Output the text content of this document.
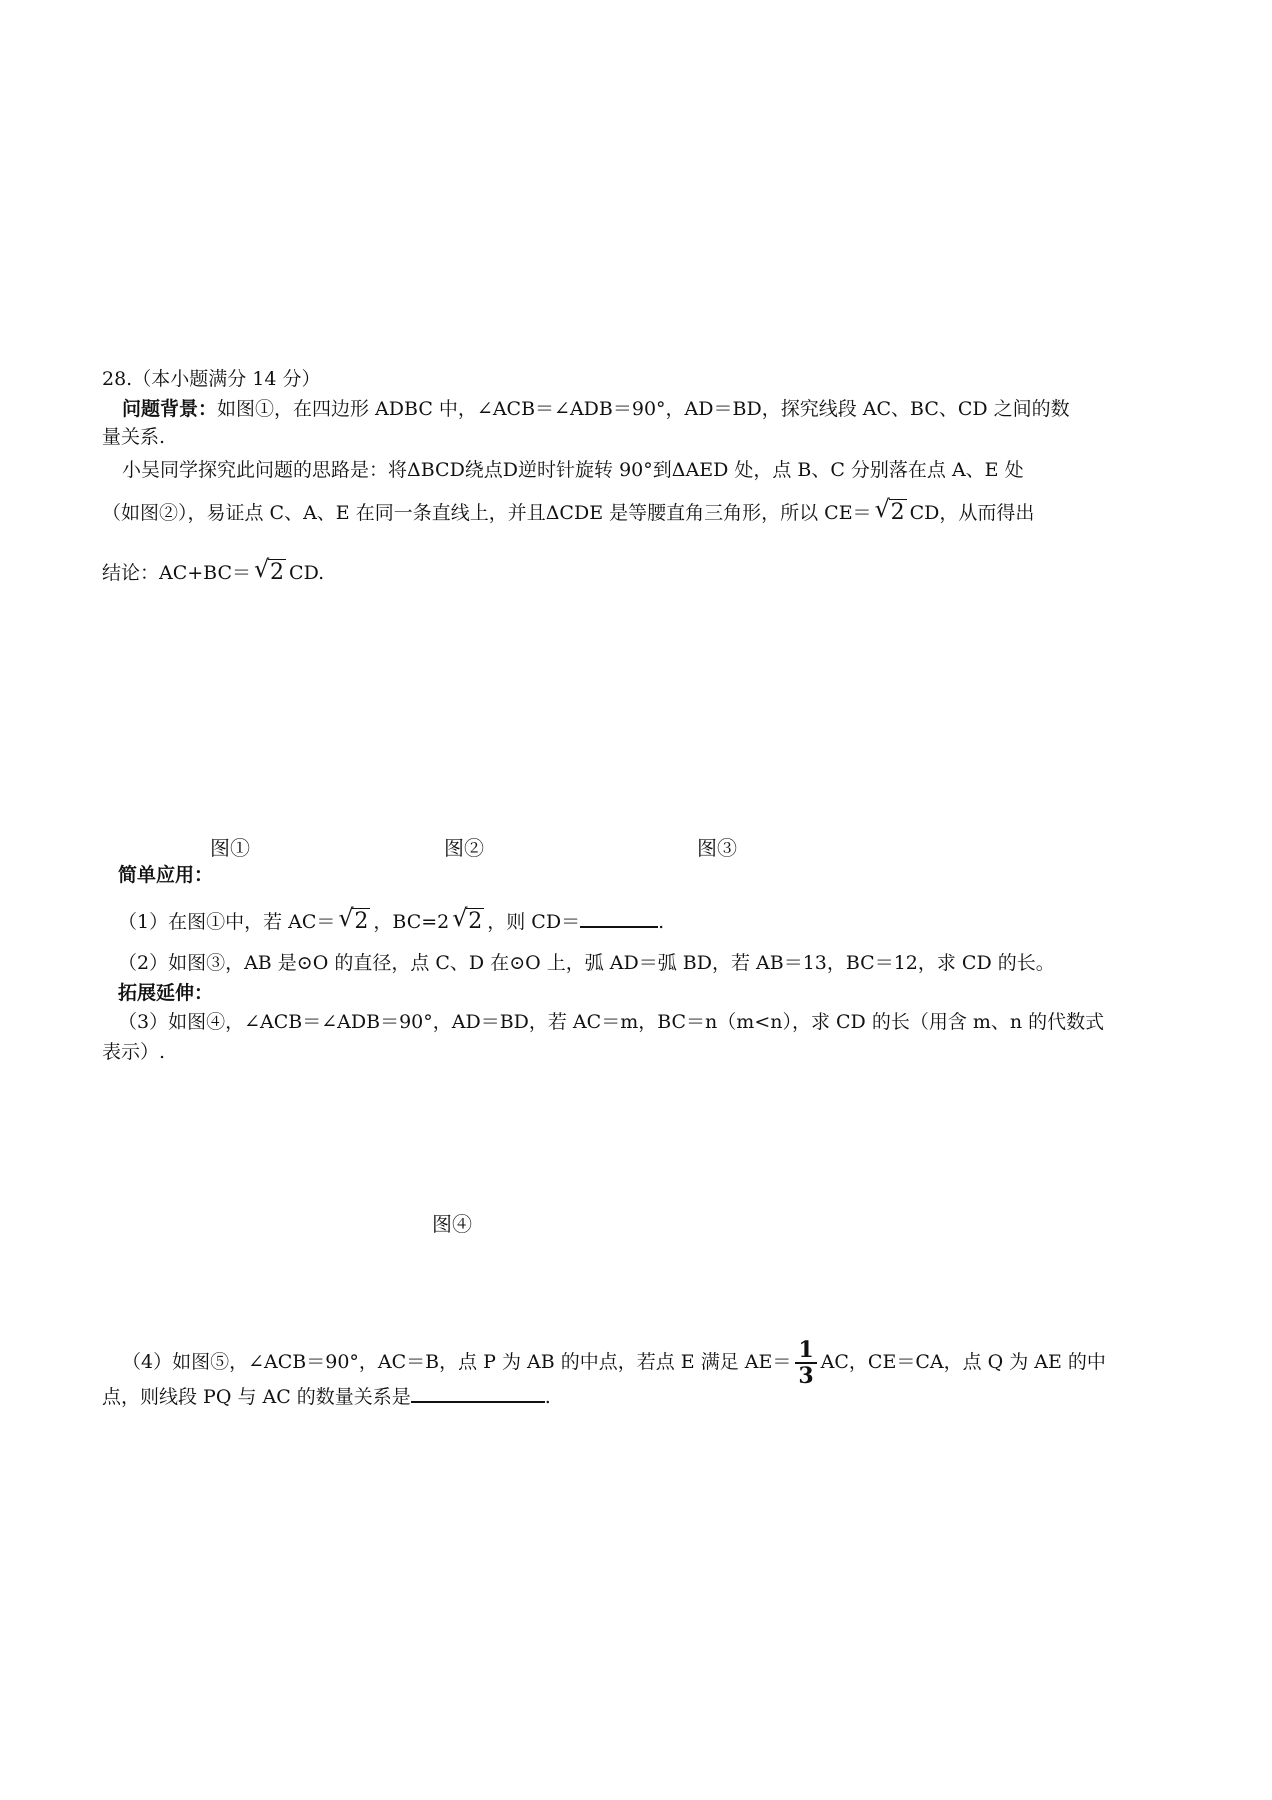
28.（本小题满分 14 分）
问题背景：如图①，在四边形 ADBC 中，∠ACB＝∠ADB＝90°，AD＝BD，探究线段 AC、BC、CD 之间的数
量关系.
小吴同学探究此问题的思路是：将ΔBCD绕点D逆时针旋转 90°到ΔAED 处，点 B、C 分别落在点 A、E 处
（如图②），易证点 C、A、E 在同一条直线上，并且ΔCDE 是等腰直角三角形，所以 CE＝ √ 2 CD，从而得出
结论：AC+BC＝ √ 2 CD.
图①	图②	图③
简单应用：
（1）在图①中，若 AC＝ √ 2 ，BC=2 √ 2 ，则 CD＝	.
（2）如图③，AB 是⊙O 的直径，点 C、D 在⊙O 上，弧 AD＝弧 BD，若 AB＝13，BC＝12，求 CD 的长。
拓展延伸：
（3）如图④，∠ACB＝∠ADB＝90°，AD＝BD，若 AC＝m，BC＝n（m<n），求 CD 的长（用含 m、n 的代数式
表示）.
图④
（4）如图⑤，∠ACB＝90°，AC＝B，点 P 为 AB 的中点，若点 E 满足 $AE= \frac{1}{3}$ AC，CE＝CA，点 Q 为 AE 的中
点，则线段 PQ 与 AC 的数量关系是	.
